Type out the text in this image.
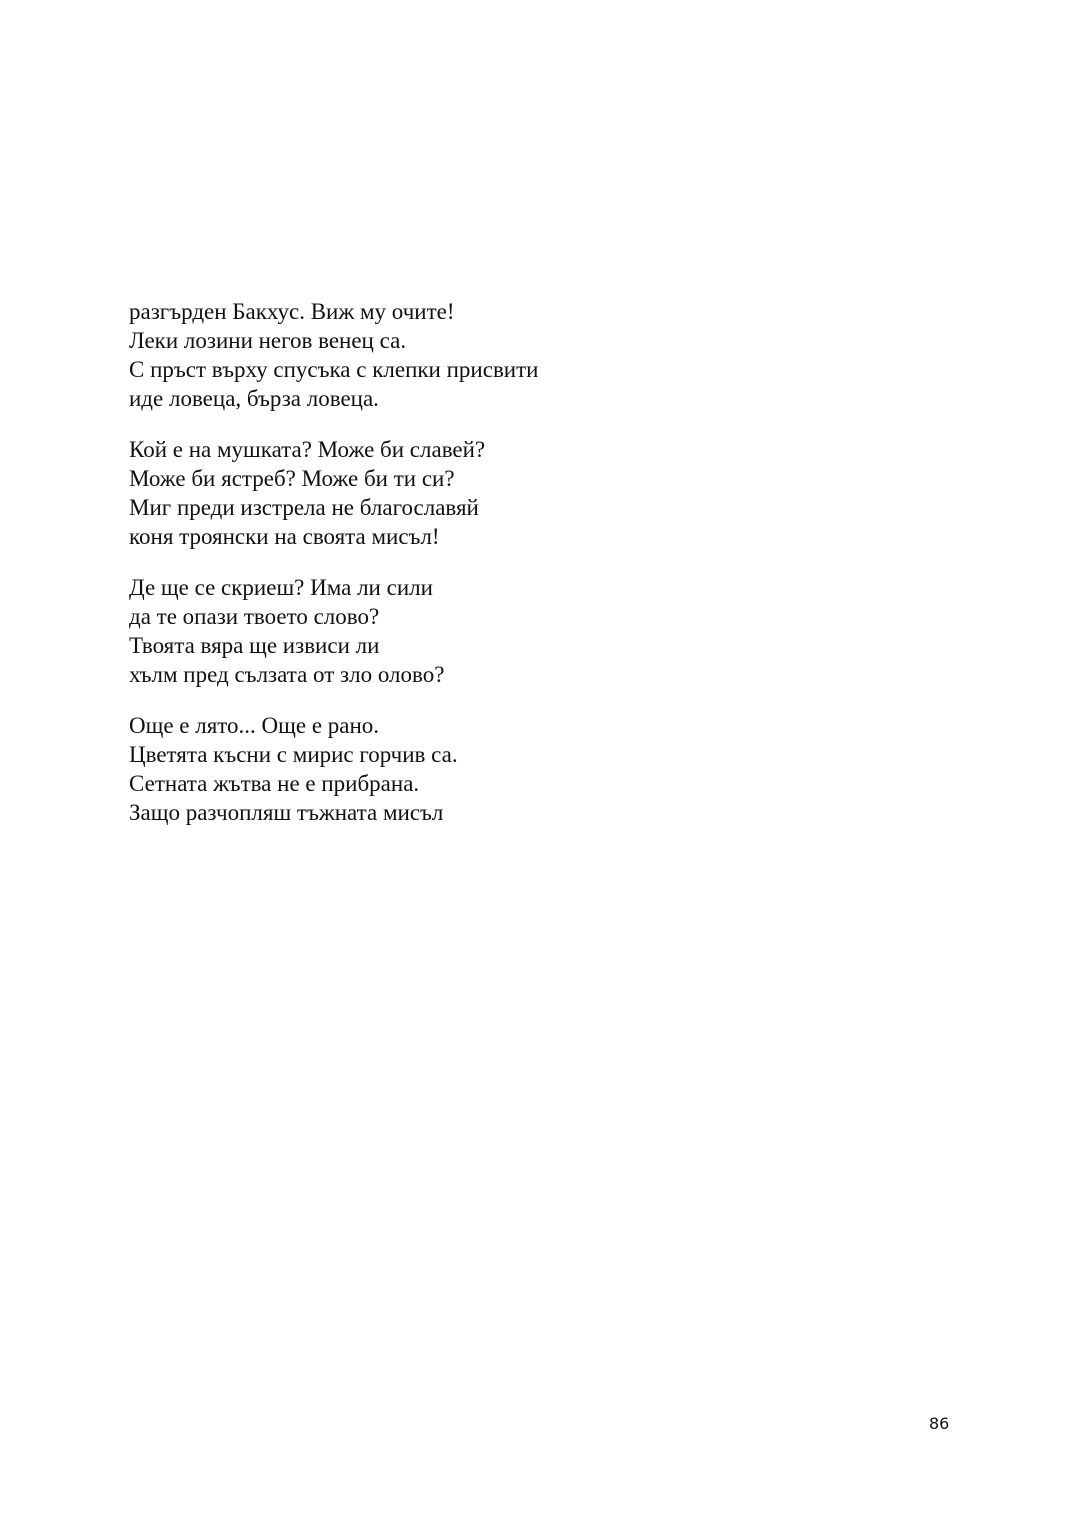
разгърден Бакхус. Виж му очите!
Леки лозини негов венец са.
С пръст върху спусъка с клепки присвити
иде ловеца, бърза ловеца.
Кой е на мушката? Може би славей?
Може би ястреб? Може би ти си?
Миг преди изстрела не благославяй
коня троянски на своята мисъл!
Де ще се скриеш? Има ли сили
да те опази твоето слово?
Твоята вяра ще извиси ли
хълм пред сълзата от зло олово?
Още е лято... Още е рано.
Цветята късни с мирис горчив са.
Сетната жътва не е прибрана.
Защо разчопляш тъжната мисъл
86
